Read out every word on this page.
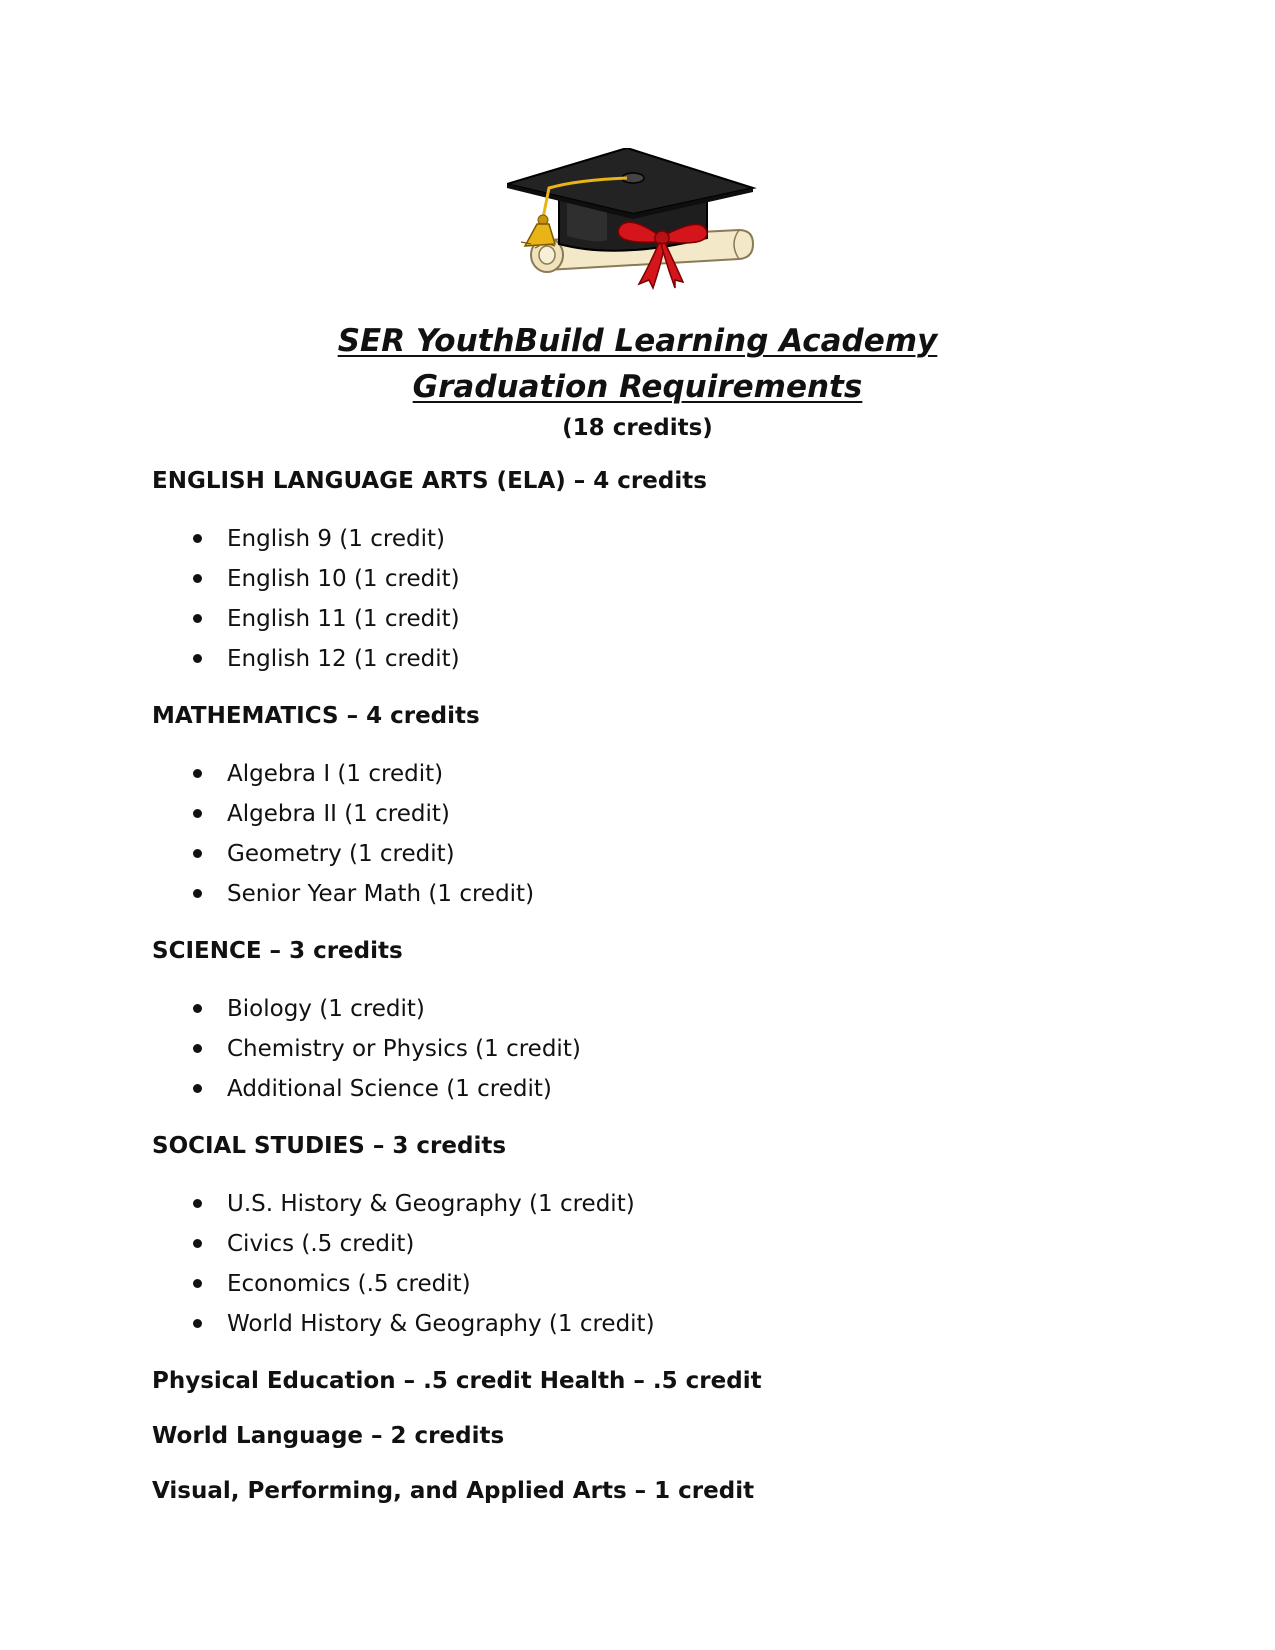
SER YouthBuild Learning Academy
Graduation Requirements
(18 credits)
ENGLISH LANGUAGE ARTS (ELA) – 4 credits
English 9 (1 credit)
English 10 (1 credit)
English 11 (1 credit)
English 12 (1 credit)
MATHEMATICS – 4 credits
Algebra I (1 credit)
Algebra II (1 credit)
Geometry (1 credit)
Senior Year Math (1 credit)
SCIENCE – 3 credits
Biology (1 credit)
Chemistry or Physics (1 credit)
Additional Science (1 credit)
SOCIAL STUDIES – 3 credits
U.S. History & Geography (1 credit)
Civics (.5 credit)
Economics (.5 credit)
World History & Geography (1 credit)
Physical Education – .5 credit Health – .5 credit
World Language – 2 credits
Visual, Performing, and Applied Arts – 1 credit
